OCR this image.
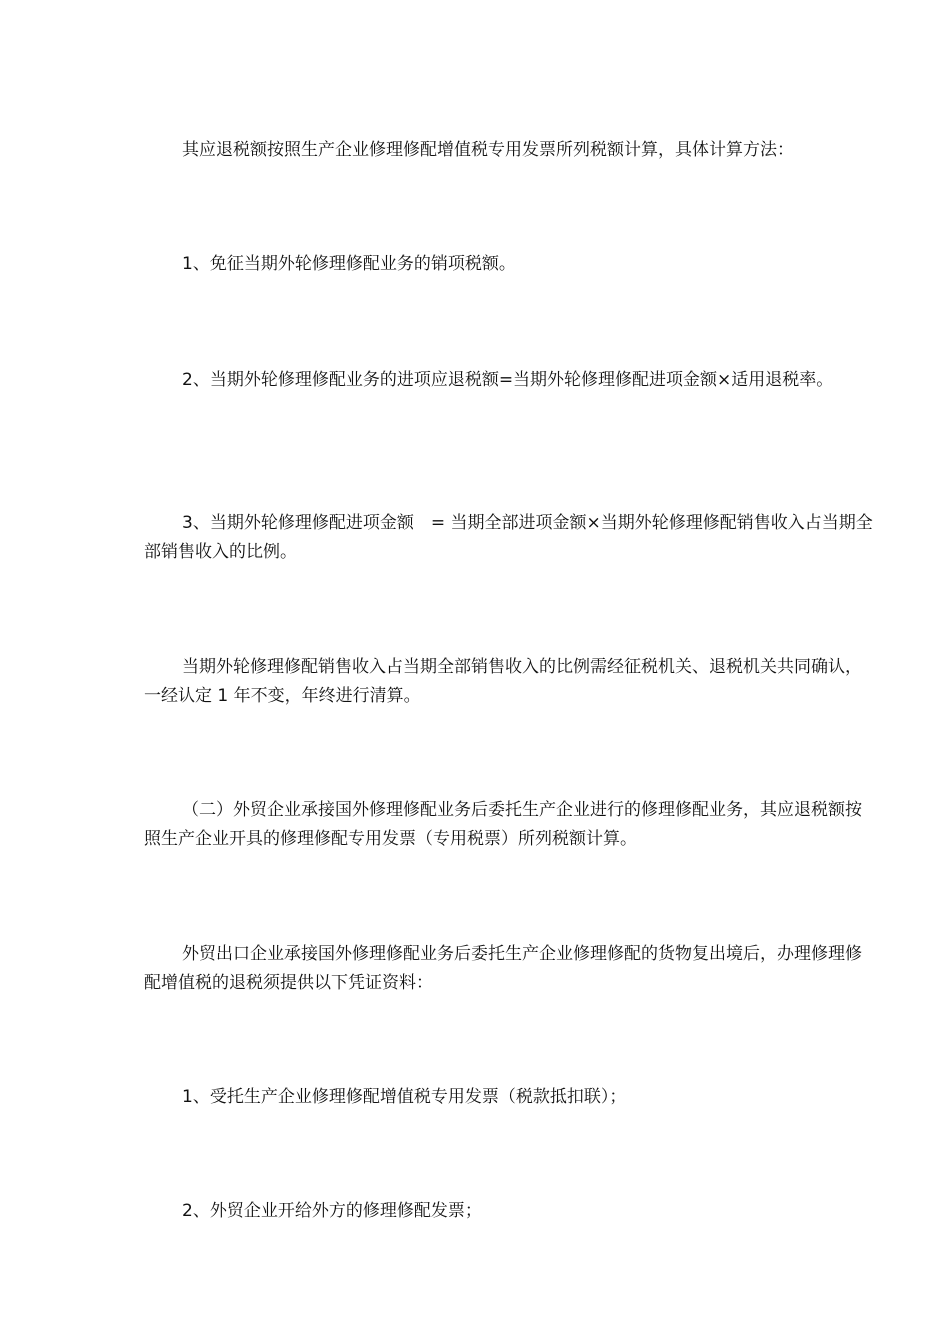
其应退税额按照生产企业修理修配增值税专用发票所列税额计算，具体计算方法：

1、免征当期外轮修理修配业务的销项税额。

2、当期外轮修理修配业务的进项应退税额=当期外轮修理修配进项金额×适用退税率。

3、当期外轮修理修配进项金额　= 当期全部进项金额×当期外轮修理修配销售收入占当期全部销售收入的比例。

当期外轮修理修配销售收入占当期全部销售收入的比例需经征税机关、退税机关共同确认，一经认定 1 年不变，年终进行清算。

（二）外贸企业承接国外修理修配业务后委托生产企业进行的修理修配业务，其应退税额按照生产企业开具的修理修配专用发票（专用税票）所列税额计算。

外贸出口企业承接国外修理修配业务后委托生产企业修理修配的货物复出境后，办理修理修配增值税的退税须提供以下凭证资料：

1、受托生产企业修理修配增值税专用发票（税款抵扣联）；

2、外贸企业开给外方的修理修配发票；
